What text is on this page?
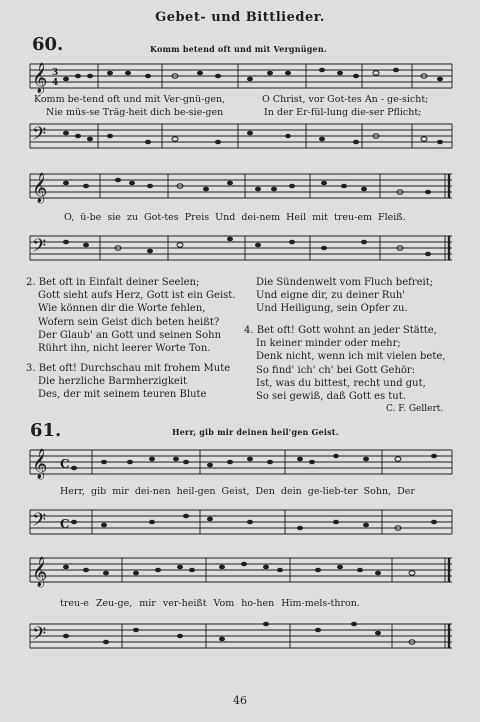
Gebet- und Bittlieder.
60.	Komm betend oft und mit Vergnügen.
𝄞 3
4
Komm be-tend oft und mit Ver-gnü-gen,	O Christ, vor Got-tes An - ge-sicht;
Nie müs-se Träg-heit dich be-sie-gen	In der Er-fül-lung die-ser Pflicht;
𝄢
𝄞
O, ü-be sie zu Got-tes Preis Und dei-nem Heil mit treu-em Fleiß.
𝄢
2. Bet oft in Einfalt deiner Seelen;
Gott sieht aufs Herz, Gott ist ein Geist.
Wie können dir die Worte fehlen,
Wofern sein Geist dich beten heißt?
Der Glaub' an Gott und seinen Sohn
Rührt ihn, nicht leerer Worte Ton.
3. Bet oft! Durchschau mit frohem Mute
Die herzliche Barmherzigkeit
Des, der mit seinem teuren Blute
Die Sündenwelt vom Fluch befreit;
Und eigne dir, zu deiner Ruh'
Und Heiligung, sein Opfer zu.
4. Bet oft! Gott wohnt an jeder Stätte,
In keiner minder oder mehr;
Denk nicht, wenn ich mit vielen bete,
So find' ich' ch' bei Gott Gehör:
Ist, was du bittest, recht und gut,
So sei gewiß, daß Gott es tut.
C. F. Gellert.
61.	Herr, gib mir deinen heil'gen Geist.
𝄞 C
Herr, gib mir dei-nen heil-gen Geist, Den dein ge-lieb-ter Sohn, Der
𝄢 C
𝄞
treu-e Zeu-ge, mir ver-heißt Vom ho-hen Him-mels-thron.
𝄢
46
